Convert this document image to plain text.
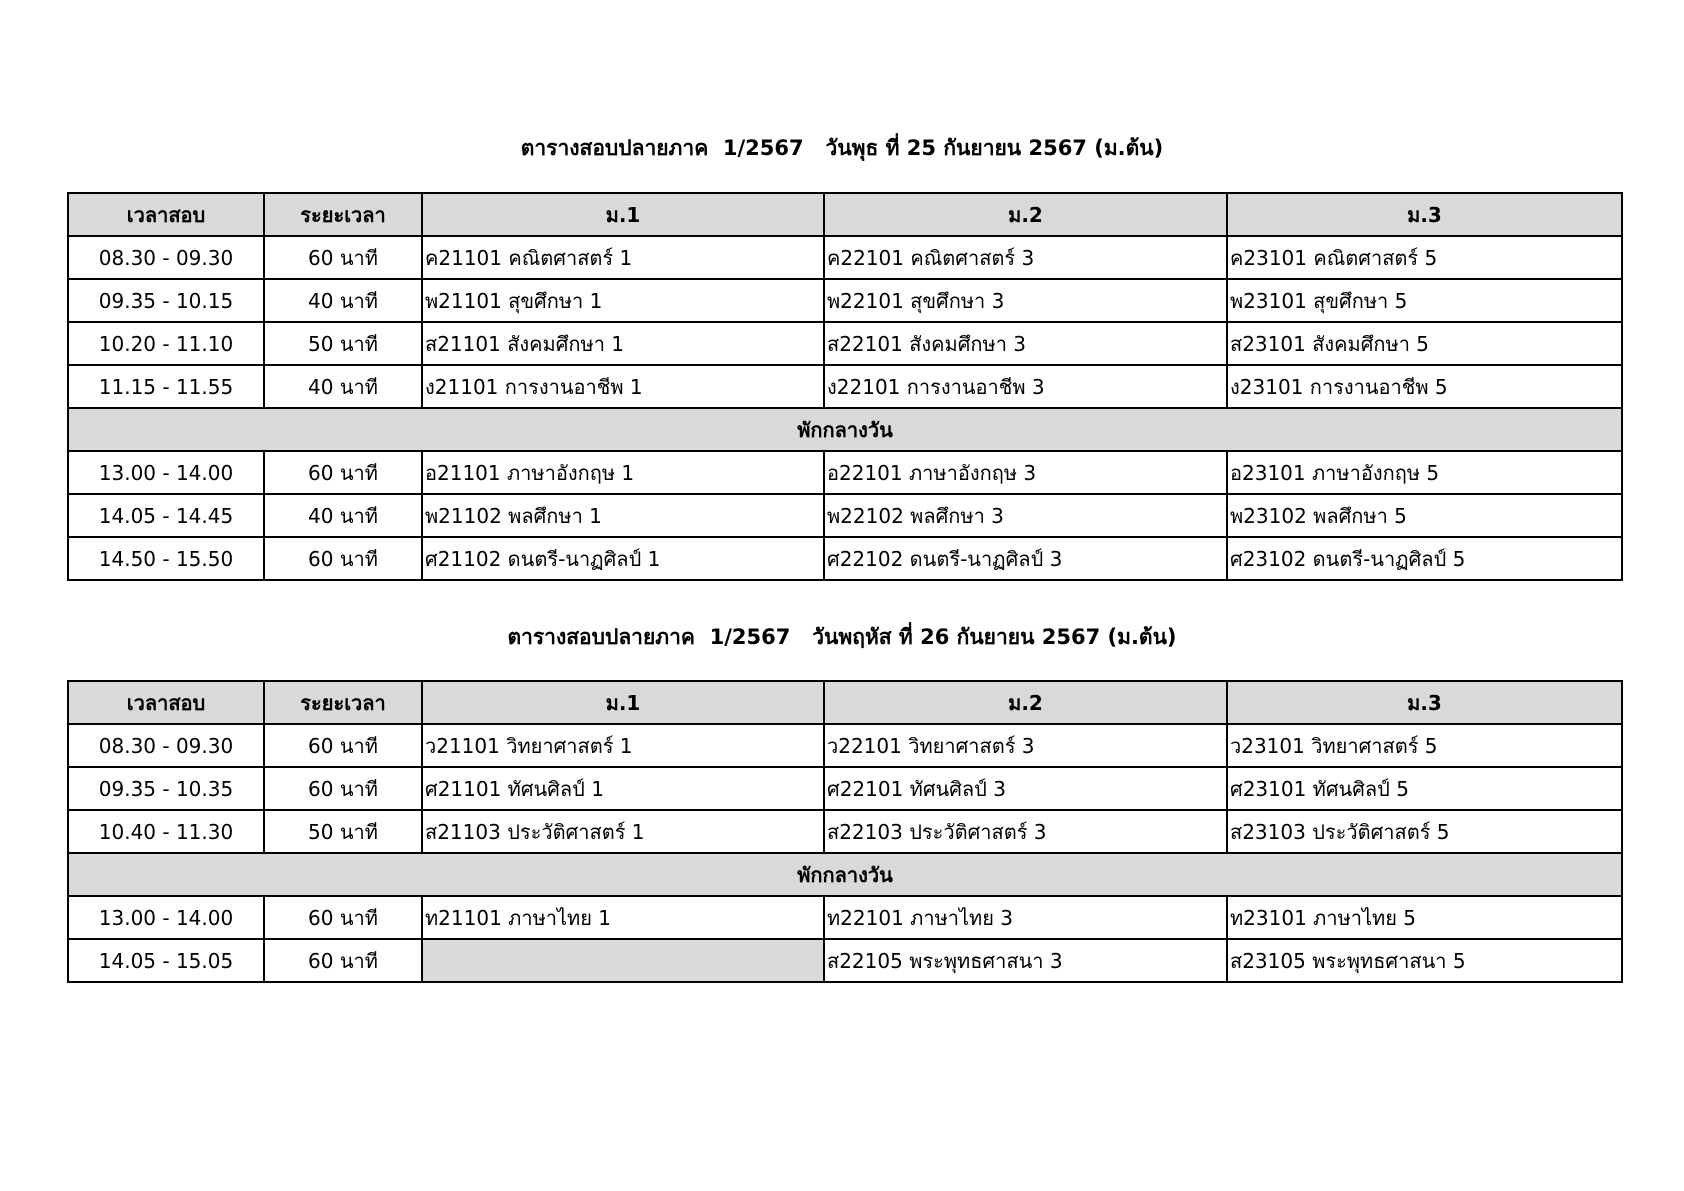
ตารางสอบปลายภาค  1/2567   วันพุธ ที่ 25 กันยายน 2567 (ม.ต้น)
เวลาสอบ	ระยะเวลา	ม.1	ม.2	ม.3
08.30 - 09.30	60 นาที	ค21101 คณิตศาสตร์ 1	ค22101 คณิตศาสตร์ 3	ค23101 คณิตศาสตร์ 5
09.35 - 10.15	40 นาที	พ21101 สุขศึกษา 1	พ22101 สุขศึกษา 3	พ23101 สุขศึกษา 5
10.20 - 11.10	50 นาที	ส21101 สังคมศึกษา 1	ส22101 สังคมศึกษา 3	ส23101 สังคมศึกษา 5
11.15 - 11.55	40 นาที	ง21101 การงานอาชีพ 1	ง22101 การงานอาชีพ 3	ง23101 การงานอาชีพ 5
พักกลางวัน				
13.00 - 14.00	60 นาที	อ21101 ภาษาอังกฤษ 1	อ22101 ภาษาอังกฤษ 3	อ23101 ภาษาอังกฤษ 5
14.05 - 14.45	40 นาที	พ21102 พลศึกษา 1	พ22102 พลศึกษา 3	พ23102 พลศึกษา 5
14.50 - 15.50	60 นาที	ศ21102 ดนตรี-นาฏศิลป์ 1	ศ22102 ดนตรี-นาฏศิลป์ 3	ศ23102 ดนตรี-นาฏศิลป์ 5
ตารางสอบปลายภาค  1/2567   วันพฤหัส ที่ 26 กันยายน 2567 (ม.ต้น)
เวลาสอบ	ระยะเวลา	ม.1	ม.2	ม.3
08.30 - 09.30	60 นาที	ว21101 วิทยาศาสตร์ 1	ว22101 วิทยาศาสตร์ 3	ว23101 วิทยาศาสตร์ 5
09.35 - 10.35	60 นาที	ศ21101 ทัศนศิลป์ 1	ศ22101 ทัศนศิลป์ 3	ศ23101 ทัศนศิลป์ 5
10.40 - 11.30	50 นาที	ส21103 ประวัติศาสตร์ 1	ส22103 ประวัติศาสตร์ 3	ส23103 ประวัติศาสตร์ 5
พักกลางวัน				
13.00 - 14.00	60 นาที	ท21101 ภาษาไทย 1	ท22101 ภาษาไทย 3	ท23101 ภาษาไทย 5
14.05 - 15.05	60 นาที		ส22105 พระพุทธศาสนา 3	ส23105 พระพุทธศาสนา 5
